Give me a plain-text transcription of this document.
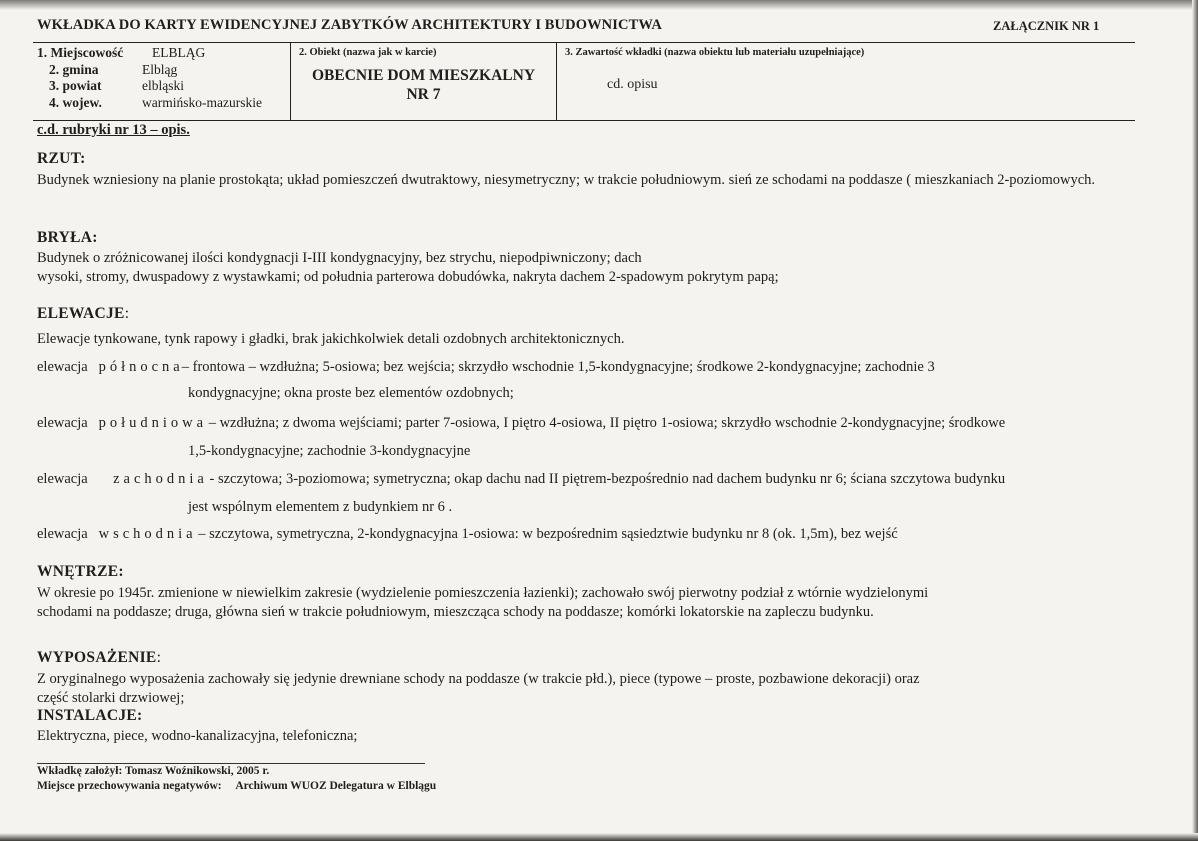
WKŁADKA DO KARTY EWIDENCYJNEJ ZABYTKÓW ARCHITEKTURY I BUDOWNICTWA	ZAŁĄCZNIK NR 1
1. Miejscowość ELBLĄG
2. gmina	Elbląg
3. powiat	elbląski
4. wojew.	warmińsko-mazurskie
2. Obiekt (nazwa jak w karcie)
OBECNIE DOM MIESZKALNY
NR 7
3. Zawartość wkładki (nazwa obiektu lub materiału uzupełniające)
cd. opisu
c.d. rubryki nr 13 – opis.
RZUT:
Budynek wzniesiony na planie prostokąta; układ pomieszczeń dwutraktowy, niesymetryczny; w trakcie południowym. sień ze schodami na poddasze ( mieszkaniach 2-poziomowych.
BRYŁA:
Budynek o zróżnicowanej ilości kondygnacji I-III kondygnacyjny, bez strychu, niepodpiwniczony; dach
wysoki, stromy, dwuspadowy z wystawkami; od południa parterowa dobudówka, nakryta dachem 2-spadowym pokrytym papą;
ELEWACJE:
Elewacje tynkowane, tynk rapowy i gładki, brak jakichkolwiek detali ozdobnych architektonicznych.
elewacja północna– frontowa – wzdłużna; 5-osiowa; bez wejścia; skrzydło wschodnie 1,5-kondygnacyjne; środkowe 2-kondygnacyjne; zachodnie 3
kondygnacyjne; okna proste bez elementów ozdobnych;
elewacja południowa – wzdłużna; z dwoma wejściami; parter 7-osiowa, I piętro 4-osiowa, II piętro 1-osiowa; skrzydło wschodnie 2-kondygnacyjne; środkowe
1,5-kondygnacyjne; zachodnie 3-kondygnacyjne
elewacja zachodnia - szczytowa; 3-poziomowa; symetryczna; okap dachu nad II piętrem-bezpośrednio nad dachem budynku nr 6; ściana szczytowa budynku
jest wspólnym elementem z budynkiem nr 6 .
elewacja wschodnia – szczytowa, symetryczna, 2-kondygnacyjna 1-osiowa: w bezpośrednim sąsiedztwie budynku nr 8 (ok. 1,5m), bez wejść
WNĘTRZE:
W okresie po 1945r. zmienione w niewielkim zakresie (wydzielenie pomieszczenia łazienki); zachowało swój pierwotny podział z wtórnie wydzielonymi
schodami na poddasze; druga, główna sień w trakcie południowym, mieszcząca schody na poddasze; komórki lokatorskie na zapleczu budynku.
WYPOSAŻENIE:
Z oryginalnego wyposażenia zachowały się jedynie drewniane schody na poddasze (w trakcie płd.), piece (typowe – proste, pozbawione dekoracji) oraz
część stolarki drzwiowej;
INSTALACJE:
Elektryczna, piece, wodno-kanalizacyjna, telefoniczna;
Wkładkę założył: Tomasz Woźnikowski, 2005 r.
Miejsce przechowywania negatywów: Archiwum WUOZ Delegatura w Elblągu
